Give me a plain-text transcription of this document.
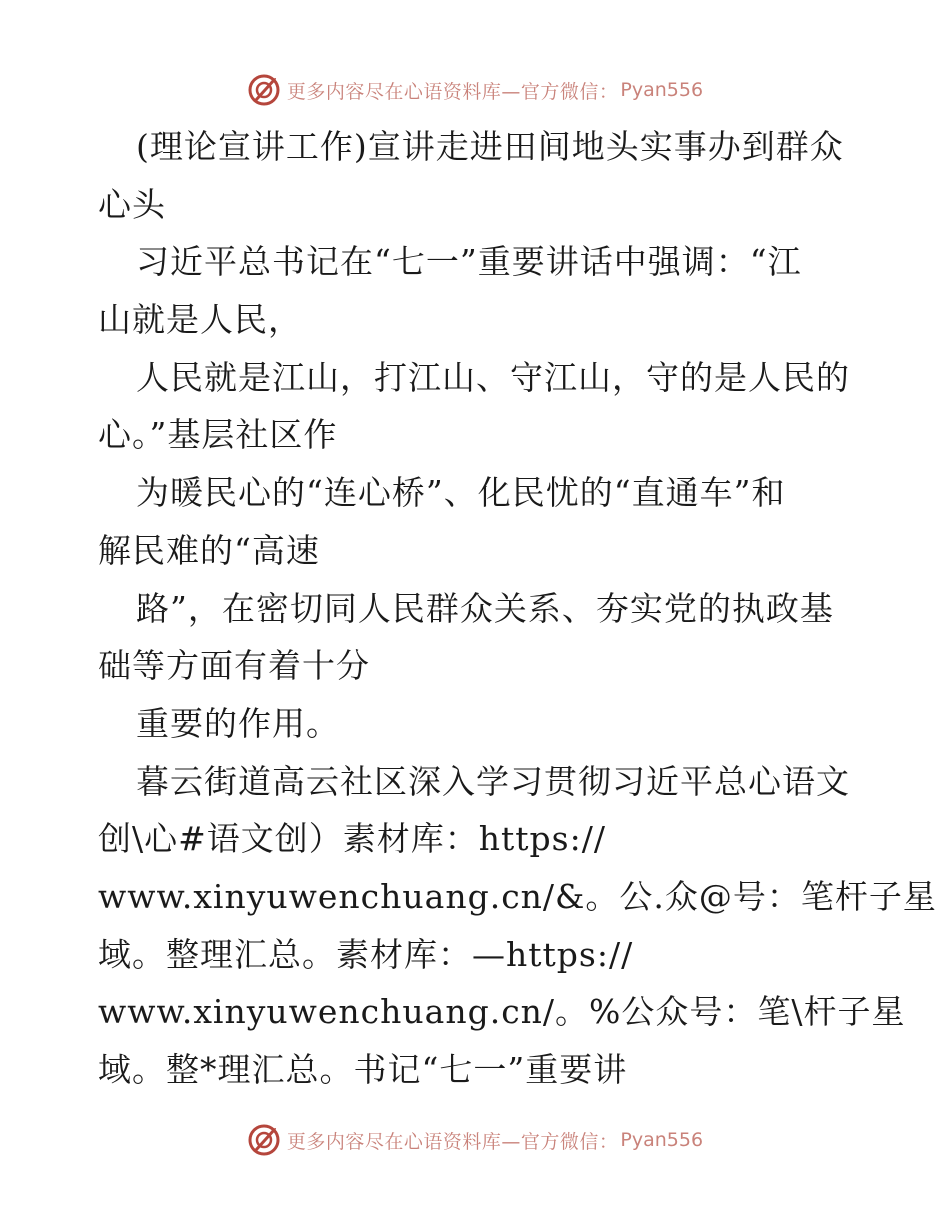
更多内容尽在心语资料库—官方微信： Pyan556
(理论宣讲工作)宣讲走进田间地头实事办到群众
心头
习近平总书记在“七一”重要讲话中强调：“江
山就是人民，
人民就是江山，打江山、守江山，守的是人民的
心。”基层社区作
为暖民心的“连心桥”、化民忧的“直通车”和
解民难的“高速
路”，在密切同人民群众关系、夯实党的执政基
础等方面有着十分
重要的作用。
暮云街道高云社区深入学习贯彻习近平总心语文
创\心#语文创）素材库：https://
www.xinyuwenchuang.cn/&。公.众@号：笔杆子星
域。整理汇总。素材库：—https://
www.xinyuwenchuang.cn/。%公众号：笔\杆子星
域。整*理汇总。书记“七一”重要讲
更多内容尽在心语资料库—官方微信： Pyan556
